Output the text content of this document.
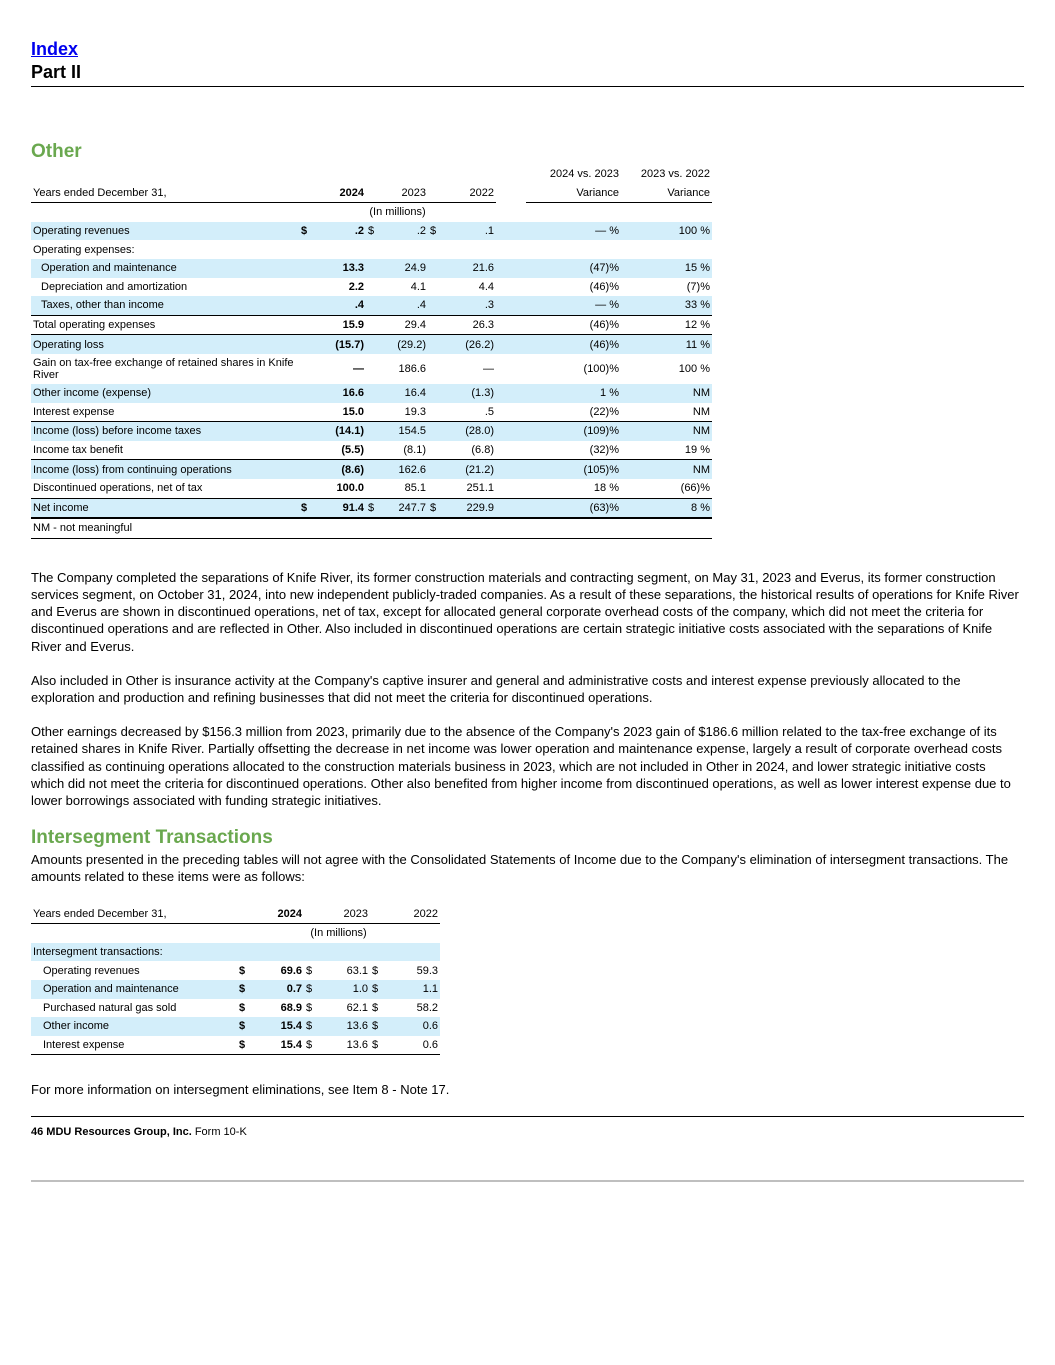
Index
Part II
Other
								2024 vs. 2023	2023 vs. 2022
Years ended December 31,		2024		2023		2022		Variance	Variance
	(In millions)								
Operating revenues	$	.2	$	.2	$	.1		— %	100 %
Operating expenses:									
Operation and maintenance		13.3		24.9		21.6		(47)%	15 %
Depreciation and amortization		2.2		4.1		4.4		(46)%	(7)%
Taxes, other than income		.4		.4		.3		— %	33 %
Total operating expenses		15.9		29.4		26.3		(46)%	12 %
Operating loss		(15.7)		(29.2)		(26.2)		(46)%	11 %
Gain on tax-free exchange of retained shares in Knife River		—		186.6		—		(100)%	100 %
Other income (expense)		16.6		16.4		(1.3)		1 %	NM
Interest expense		15.0		19.3		.5		(22)%	NM
Income (loss) before income taxes		(14.1)		154.5		(28.0)		(109)%	NM
Income tax benefit		(5.5)		(8.1)		(6.8)		(32)%	19 %
Income (loss) from continuing operations		(8.6)		162.6		(21.2)		(105)%	NM
Discontinued operations, net of tax		100.0		85.1		251.1		18 %	(66)%
Net income	$	91.4	$	247.7	$	229.9		(63)%	8 %
NM - not meaningful									

The Company completed the separations of Knife River, its former construction materials and contracting segment, on May 31, 2023 and Everus, its former construction services segment, on October 31, 2024, into new independent publicly-traded companies. As a result of these separations, the historical results of operations for Knife River and Everus are shown in discontinued operations, net of tax, except for allocated general corporate overhead costs of the company, which did not meet the criteria for discontinued operations and are reflected in Other. Also included in discontinued operations are certain strategic initiative costs associated with the separations of Knife River and Everus.

Also included in Other is insurance activity at the Company's captive insurer and general and administrative costs and interest expense previously allocated to the exploration and production and refining businesses that did not meet the criteria for discontinued operations.

Other earnings decreased by $156.3 million from 2023, primarily due to the absence of the Company's 2023 gain of $186.6 million related to the tax-free exchange of its retained shares in Knife River. Partially offsetting the decrease in net income was lower operation and maintenance expense, largely a result of corporate overhead costs classified as continuing operations allocated to the construction materials business in 2023, which are not included in Other in 2024, and lower strategic initiative costs which did not meet the criteria for discontinued operations. Other also benefited from higher income from discontinued operations, as well as lower interest expense due to lower borrowings associated with funding strategic initiatives.

Intersegment Transactions

Amounts presented in the preceding tables will not agree with the Consolidated Statements of Income due to the Company's elimination of intersegment transactions. The amounts related to these items were as follows:

Years ended December 31,		2024		2023		2022
	(In millions)					
Intersegment transactions:						
Operating revenues	$	69.6	$	63.1	$	59.3
Operation and maintenance	$	0.7	$	1.0	$	1.1
Purchased natural gas sold	$	68.9	$	62.1	$	58.2
Other income	$	15.4	$	13.6	$	0.6
Interest expense	$	15.4	$	13.6	$	0.6

For more information on intersegment eliminations, see Item 8 - Note 17.

46 MDU Resources Group, Inc. Form 10-K
